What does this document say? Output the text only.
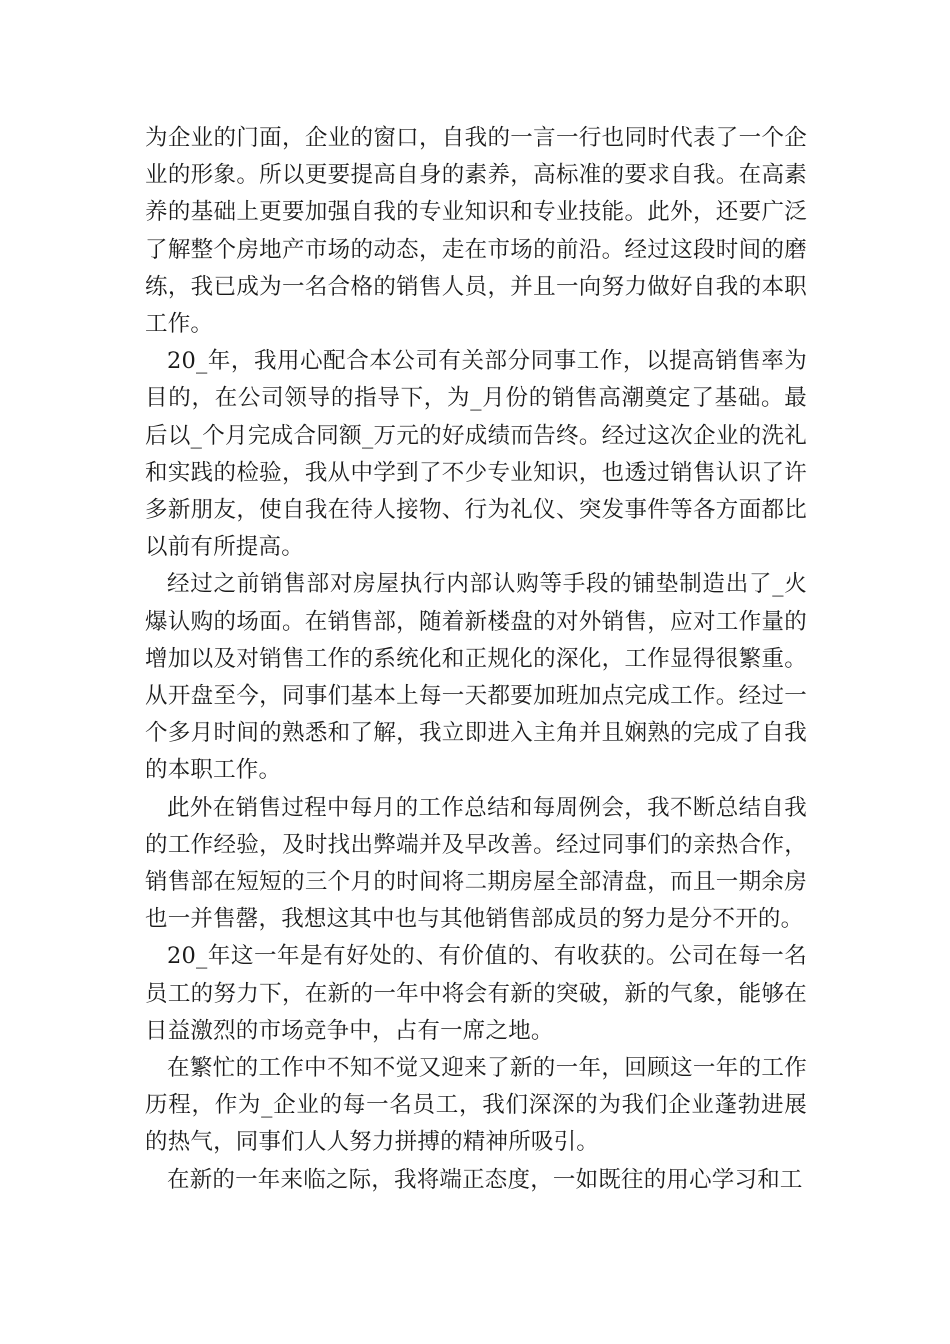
为企业的门面，企业的窗口，自我的一言一行也同时代表了一个企业的形象。所以更要提高自身的素养，高标准的要求自我。在高素养的基础上更要加强自我的专业知识和专业技能。此外，还要广泛了解整个房地产市场的动态，走在市场的前沿。经过这段时间的磨练，我已成为一名合格的销售人员，并且一向努力做好自我的本职工作。

20_年，我用心配合本公司有关部分同事工作，以提高销售率为目的，在公司领导的指导下，为_月份的销售高潮奠定了基础。最后以_个月完成合同额_万元的好成绩而告终。经过这次企业的洗礼和实践的检验，我从中学到了不少专业知识，也透过销售认识了许多新朋友，使自我在待人接物、行为礼仪、突发事件等各方面都比以前有所提高。

经过之前销售部对房屋执行内部认购等手段的铺垫制造出了_火爆认购的场面。在销售部，随着新楼盘的对外销售，应对工作量的增加以及对销售工作的系统化和正规化的深化，工作显得很繁重。从开盘至今，同事们基本上每一天都要加班加点完成工作。经过一个多月时间的熟悉和了解，我立即进入主角并且娴熟的完成了自我的本职工作。

此外在销售过程中每月的工作总结和每周例会，我不断总结自我的工作经验，及时找出弊端并及早改善。经过同事们的亲热合作，销售部在短短的三个月的时间将二期房屋全部清盘，而且一期余房也一并售罄，我想这其中也与其他销售部成员的努力是分不开的。

20_年这一年是有好处的、有价值的、有收获的。公司在每一名员工的努力下，在新的一年中将会有新的突破，新的气象，能够在日益激烈的市场竞争中，占有一席之地。

在繁忙的工作中不知不觉又迎来了新的一年，回顾这一年的工作历程，作为_企业的每一名员工，我们深深的为我们企业蓬勃进展的热气，同事们人人努力拼搏的精神所吸引。

在新的一年来临之际，我将端正态度，一如既往的用心学习和工
